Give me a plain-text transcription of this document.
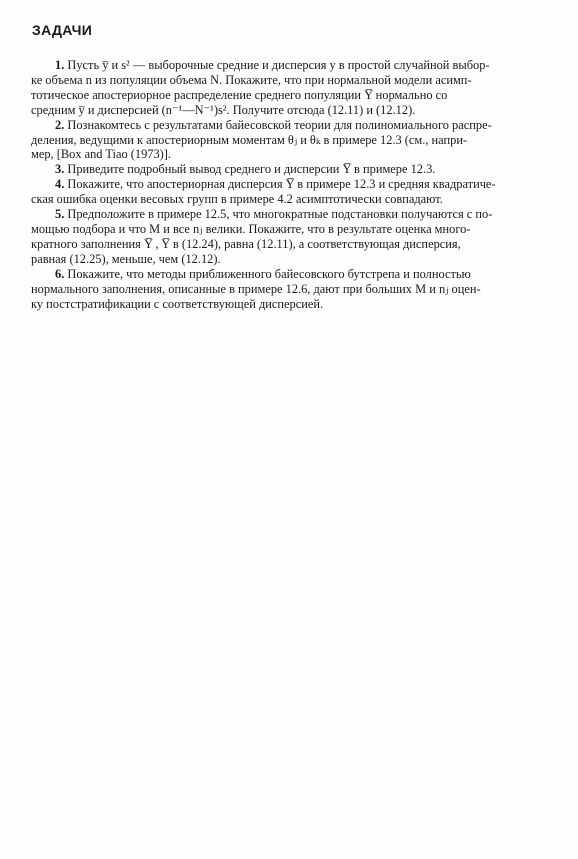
ЗАДАЧИ

1. Пусть y̅ и s² — выборочные средние и дисперсия y в простой случайной выбор-
ке объема n из популяции объема N. Покажите, что при нормальной модели асимп-
тотическое апостериорное распределение среднего популяции Y̅ нормально со
средним y̅ и дисперсией (n⁻¹—N⁻¹)s². Получите отсюда (12.11) и (12.12).

2. Познакомтесь с результатами байесовской теории для полиномиального распре-
деления, ведущими к апостериорным моментам θⱼ и θₖ в примере 12.3 (см., напри-
мер, [Box and Tiao (1973)].

3. Приведите подробный вывод среднего и дисперсии Y̅ в примере 12.3.

4. Покажите, что апостериорная дисперсия Y̅ в примере 12.3 и средняя квадратиче-
ская ошибка оценки весовых групп в примере 4.2 асимптотически совпадают.

5. Предположите в примере 12.5, что многократные подстановки получаются с по-
мощью подбора и что M и все nⱼ велики. Покажите, что в результате оценка много-
кратного заполнения Y̅ , Y̅ в (12.24), равна (12.11), а соответствующая дисперсия,
равная (12.25), меньше, чем (12.12).

6. Покажите, что методы приближенного байесовского бутстрепа и полностью
нормального заполнения, описанные в примере 12.6, дают при больших M и nⱼ оцен-
ку постстратификации с соответствующей дисперсией.
